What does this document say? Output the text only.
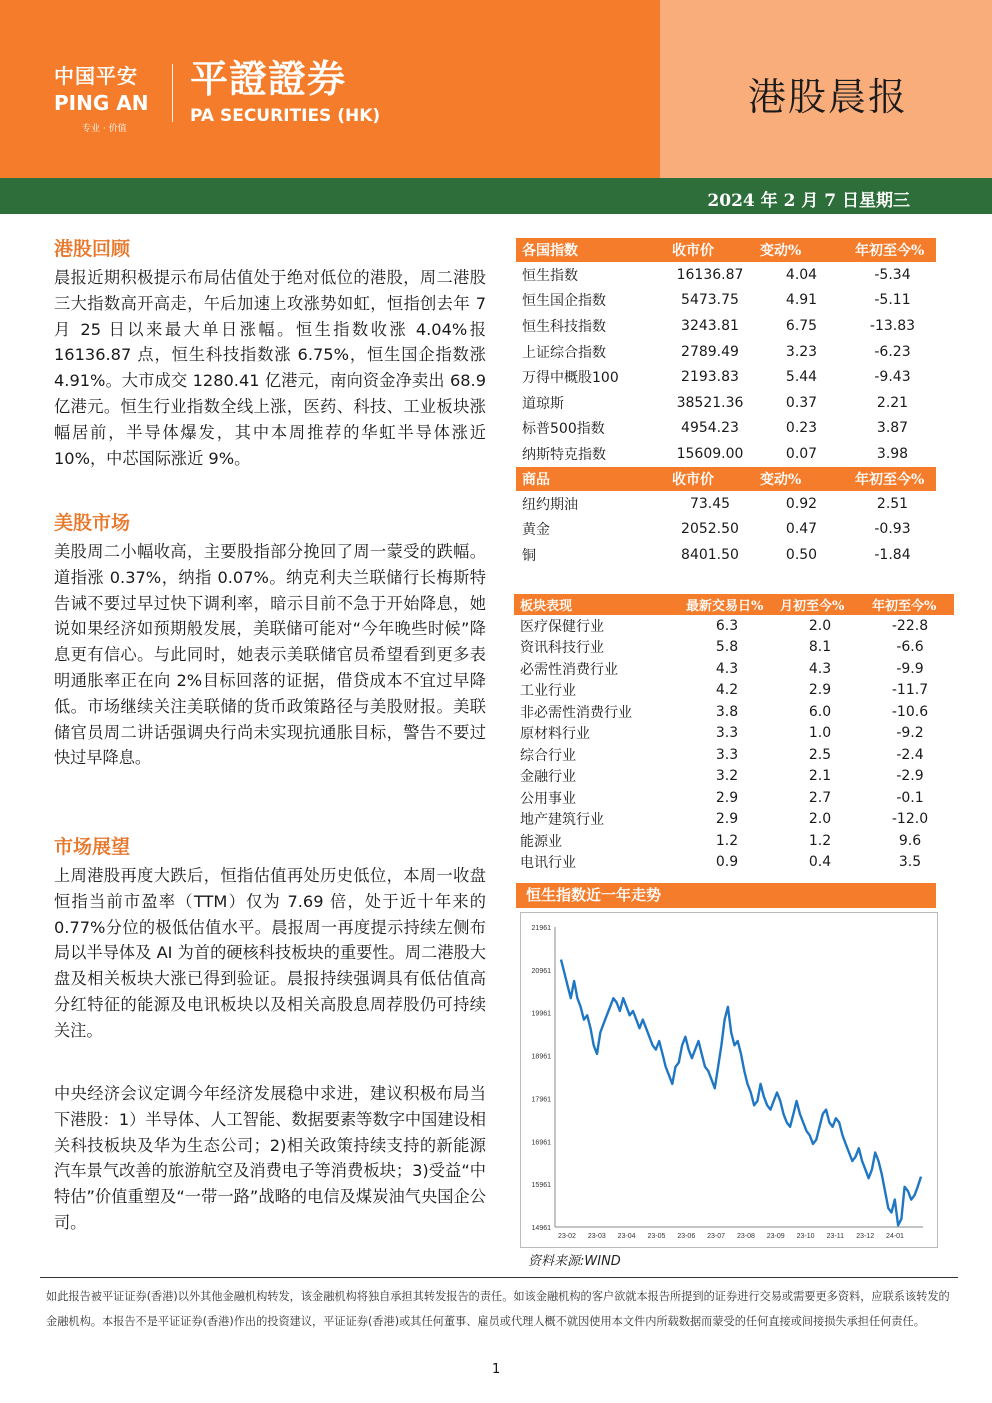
中国平安
PING AN
专业 · 价值
平證證券
PA SECURITIES (HK)	港股晨报
2024 年 2 月 7 日星期三
港股回顾
晨报近期积极提示布局估值处于绝对低位的港股，周二港股三大指数高开高走，午后加速上攻涨势如虹，恒指创去年 7 月 25 日以来最大单日涨幅。恒生指数收涨 4.04%报 16136.87 点，恒生科技指数涨 6.75%，恒生国企指数涨 4.91%。大市成交 1280.41 亿港元，南向资金净卖出 68.9 亿港元。恒生行业指数全线上涨，医药、科技、工业板块涨幅居前，半导体爆发，其中本周推荐的华虹半导体涨近 10%，中芯国际涨近 9%。
美股市场
美股周二小幅收高，主要股指部分挽回了周一蒙受的跌幅。道指涨 0.37%，纳指 0.07%。纳克利夫兰联储行长梅斯特告诫不要过早过快下调利率，暗示目前不急于开始降息，她说如果经济如预期般发展，美联储可能对“今年晚些时候”降息更有信心。与此同时，她表示美联储官员希望看到更多表明通胀率正在向 2%目标回落的证据，借贷成本不宜过早降低。市场继续关注美联储的货币政策路径与美股财报。美联储官员周二讲话强调央行尚未实现抗通胀目标，警告不要过快过早降息。
市场展望
上周港股再度大跌后，恒指估值再处历史低位，本周一收盘恒指当前市盈率（TTM）仅为 7.69 倍，处于近十年来的 0.77%分位的极低估值水平。晨报周一再度提示持续左侧布局以半导体及 AI 为首的硬核科技板块的重要性。周二港股大盘及相关板块大涨已得到验证。晨报持续强调具有低估值高分红特征的能源及电讯板块以及相关高股息周荐股仍可持续关注。
中央经济会议定调今年经济发展稳中求进，建议积极布局当下港股：1）半导体、人工智能、数据要素等数字中国建设相关科技板块及华为生态公司；2)相关政策持续支持的新能源汽车景气改善的旅游航空及消费电子等消费板块；3)受益“中特估”价值重塑及“一带一路”战略的电信及煤炭油气央国企公司。
各国指数	收市价	变动%	年初至今%
恒生指数	16136.87	4.04	-5.34
恒生国企指数	5473.75	4.91	-5.11
恒生科技指数	3243.81	6.75	-13.83
上证综合指数	2789.49	3.23	-6.23
万得中概股100	2193.83	5.44	-9.43
道琼斯	38521.36	0.37	2.21
标普500指数	4954.23	0.23	3.87
纳斯特克指数	15609.00	0.07	3.98
商品	收市价	变动%	年初至今%
纽约期油	73.45	0.92	2.51
黄金	2052.50	0.47	-0.93
铜	8401.50	0.50	-1.84
板块表现	最新交易日%	月初至今%	年初至今%
医疗保健行业	6.3	2.0	-22.8
资讯科技行业	5.8	8.1	-6.6
必需性消费行业	4.3	4.3	-9.9
工业行业	4.2	2.9	-11.7
非必需性消费行业	3.8	6.0	-10.6
原材料行业	3.3	1.0	-9.2
综合行业	3.3	2.5	-2.4
金融行业	3.2	2.1	-2.9
公用事业	2.9	2.7	-0.1
地产建筑行业	2.9	2.0	-12.0
能源业	1.2	1.2	9.6
电讯行业	0.9	0.4	3.5
恒生指数近一年走势
14961
15961
16961
17961
18961
19961
20961
21961
23-02 23-03 23-04 23-05 23-06 23-07 23-08 23-09 23-10 23-11 23-12 24-01
资料来源:WIND
如此报告被平证证券(香港)以外其他金融机构转发，该金融机构将独自承担其转发报告的责任。如该金融机构的客户欲就本报告所提到的证券进行交易或需要更多资料，应联系该转发的金融机构。本报告不是平证证券(香港)作出的投资建议，平证证券(香港)或其任何董事、雇员或代理人概不就因使用本文件内所载数据而蒙受的任何直接或间接损失承担任何责任。
1
